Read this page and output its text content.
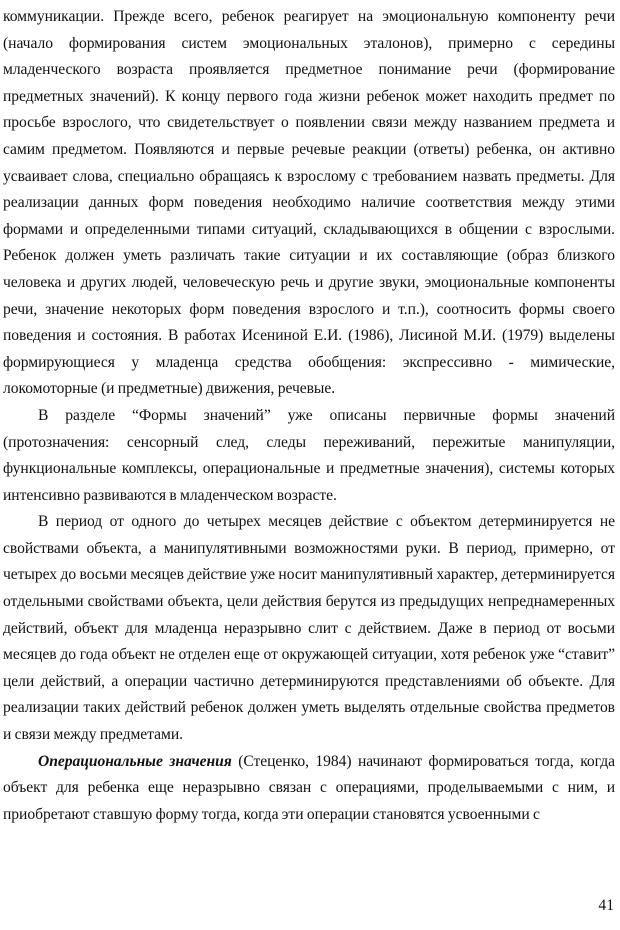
коммуникации. Прежде всего, ребенок реагирует на эмоциональную компоненту речи (начало формирования систем эмоциональных эталонов), примерно с середины младенческого возраста проявляется предметное понимание речи (формирование предметных значений). К концу первого года жизни ребенок может находить предмет по просьбе взрослого, что свидетельствует о появлении связи между названием предмета и самим предметом. Появляются и первые речевые реакции (ответы) ребенка, он активно усваивает слова, специально обращаясь к взрослому с требованием назвать предметы. Для реализации данных форм поведения необходимо наличие соответствия между этими формами и определенными типами ситуаций, складывающихся в общении с взрослыми. Ребенок должен уметь различать такие ситуации и их составляющие (образ близкого человека и других людей, человеческую речь и другие звуки, эмоциональные компоненты речи, значение некоторых форм поведения взрослого и т.п.), соотносить формы своего поведения и состояния. В работах Исениной Е.И. (1986), Лисиной М.И. (1979) выделены формирующиеся у младенца средства обобщения: экспрессивно - мимические, локомоторные (и предметные) движения, речевые.

В разделе “Формы значений” уже описаны первичные формы значений (протозначения: сенсорный след, следы переживаний, пережитые манипуляции, функциональные комплексы, операциональные и предметные значения), системы которых интенсивно развиваются в младенческом возрасте.

В период от одного до четырех месяцев действие с объектом детерминируется не свойствами объекта, а манипулятивными возможностями руки. В период, примерно, от четырех до восьми месяцев действие уже носит манипулятивный характер, детерминируется отдельными свойствами объекта, цели действия берутся из предыдущих непреднамеренных действий, объект для младенца неразрывно слит с действием. Даже в период от восьми месяцев до года объект не отделен еще от окружающей ситуации, хотя ребенок уже “ставит” цели действий, а операции частично детерминируются представлениями об объекте. Для реализации таких действий ребенок должен уметь выделять отдельные свойства предметов и связи между предметами.

Операциональные значения (Стеценко, 1984) начинают формироваться тогда, когда объект для ребенка еще неразрывно связан с операциями, проделываемыми с ним, и приобретают ставшую форму тогда, когда эти операции становятся усвоенными с

41
